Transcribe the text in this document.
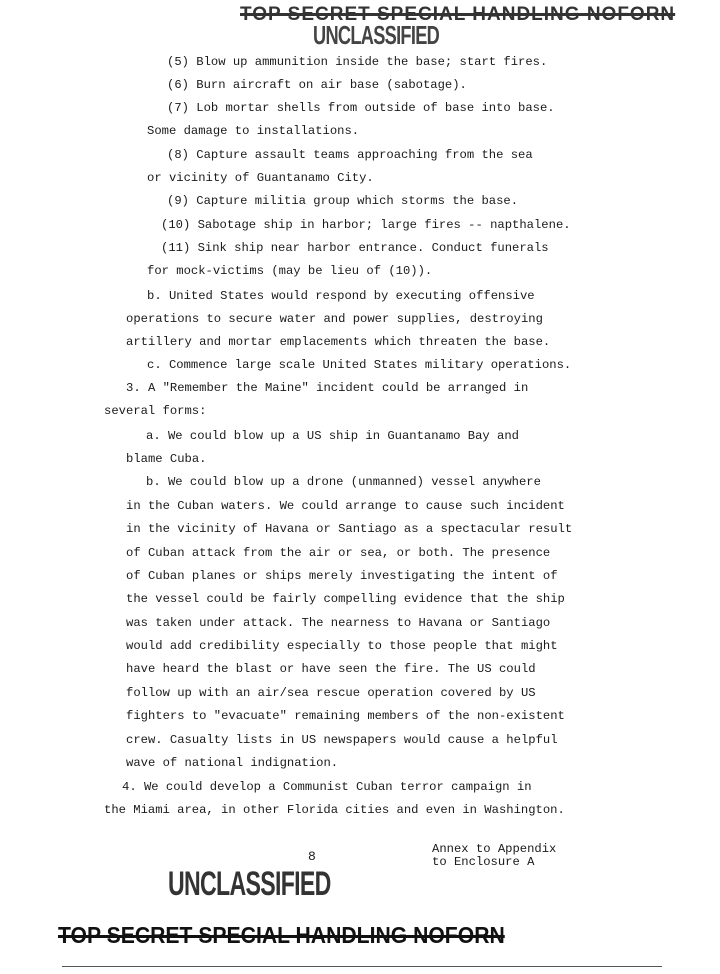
TOP SECRET SPECIAL HANDLING NOFORN
UNCLASSIFIED
(5) Blow up ammunition inside the base; start fires.
(6) Burn aircraft on air base (sabotage).
(7) Lob mortar shells from outside of base into base.
Some damage to installations.
(8) Capture assault teams approaching from the sea
or vicinity of Guantanamo City.
(9) Capture militia group which storms the base.
(10) Sabotage ship in harbor; large fires -- napthalene.
(11) Sink ship near harbor entrance. Conduct funerals
for mock-victims (may be lieu of (10)).
b. United States would respond by executing offensive
operations to secure water and power supplies, destroying
artillery and mortar emplacements which threaten the base.
c. Commence large scale United States military operations.
3. A "Remember the Maine" incident could be arranged in
several forms:
a. We could blow up a US ship in Guantanamo Bay and
blame Cuba.
b. We could blow up a drone (unmanned) vessel anywhere
in the Cuban waters. We could arrange to cause such incident
in the vicinity of Havana or Santiago as a spectacular result
of Cuban attack from the air or sea, or both. The presence
of Cuban planes or ships merely investigating the intent of
the vessel could be fairly compelling evidence that the ship
was taken under attack. The nearness to Havana or Santiago
would add credibility especially to those people that might
have heard the blast or have seen the fire. The US could
follow up with an air/sea rescue operation covered by US
fighters to "evacuate" remaining members of the non-existent
crew. Casualty lists in US newspapers would cause a helpful
wave of national indignation.
4. We could develop a Communist Cuban terror campaign in
the Miami area, in other Florida cities and even in Washington.
8	Annex to Appendix
to Enclosure A
UNCLASSIFIED
TOP SECRET SPECIAL HANDLING NOFORN
